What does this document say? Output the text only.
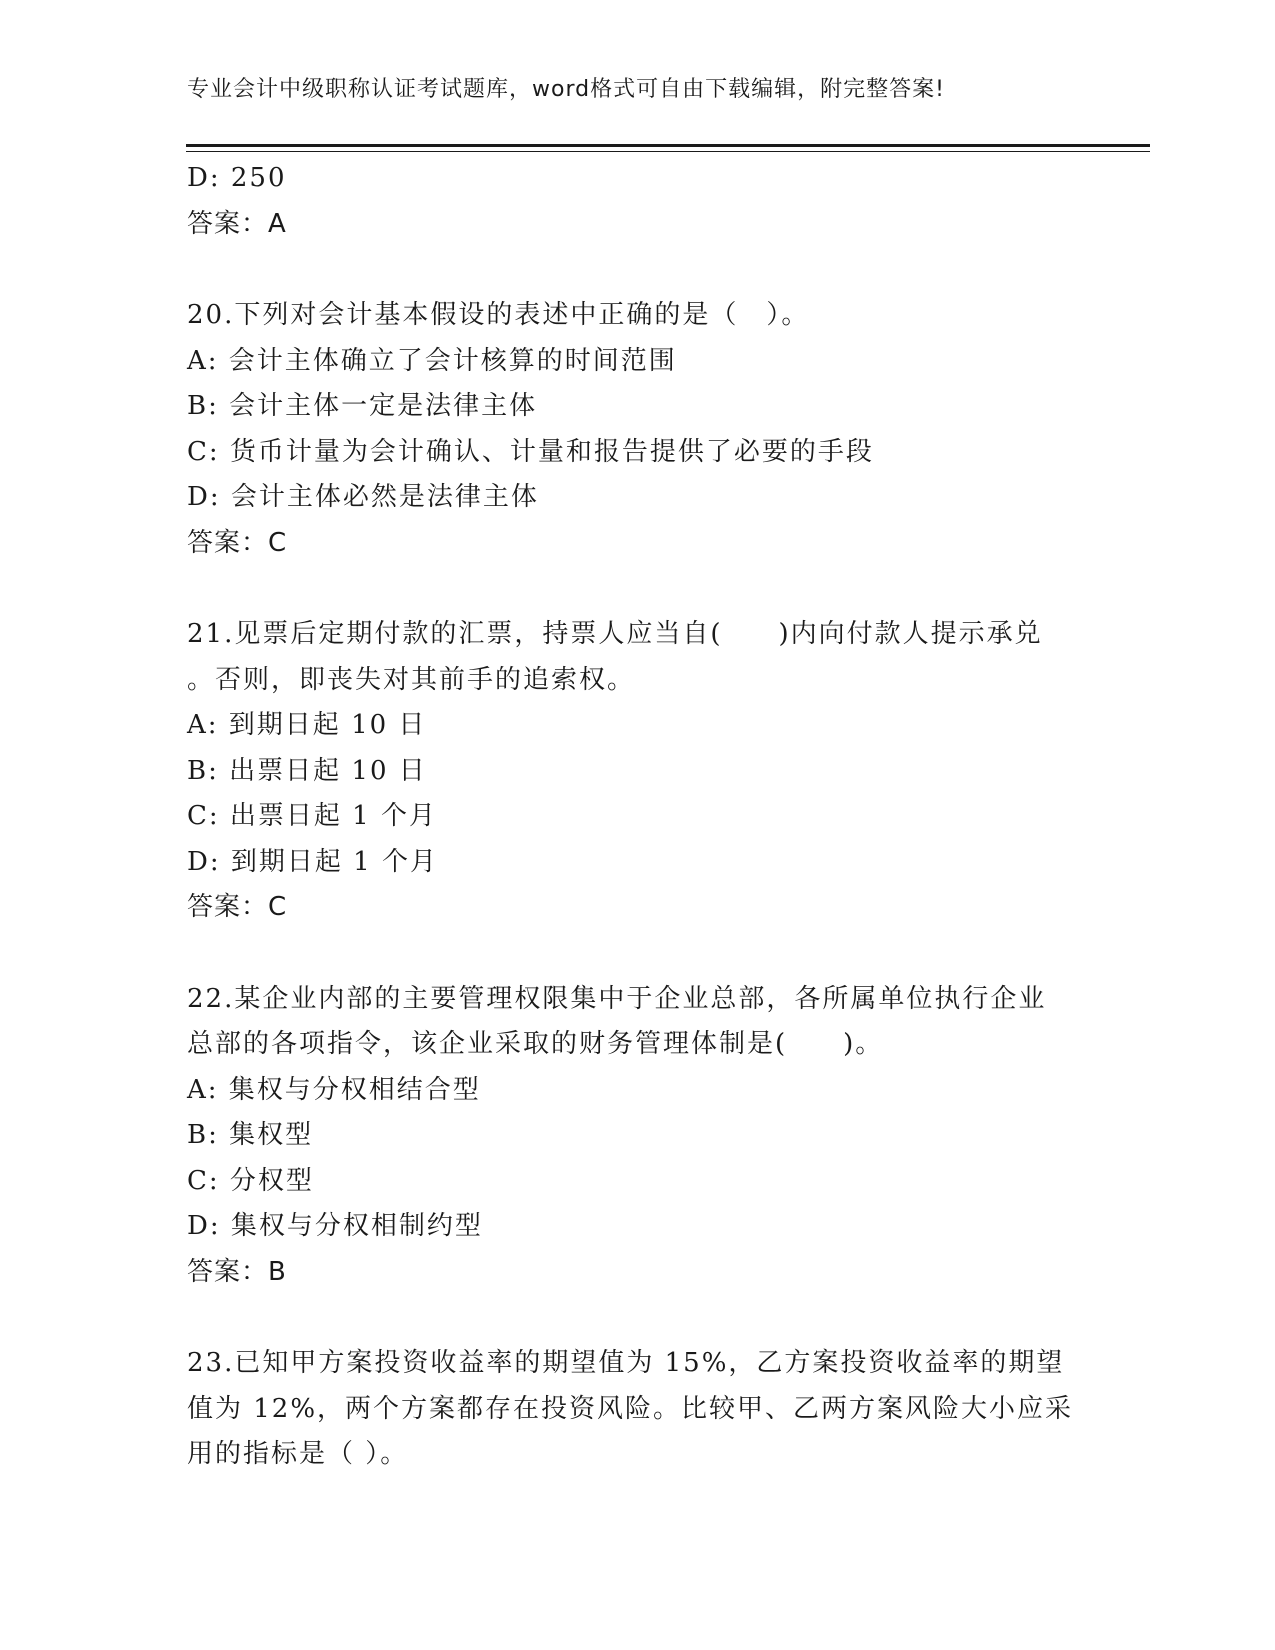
专业会计中级职称认证考试题库，word格式可自由下载编辑，附完整答案!
D: 250
答案：A
20.下列对会计基本假设的表述中正确的是（　）。
A: 会计主体确立了会计核算的时间范围
B: 会计主体一定是法律主体
C: 货币计量为会计确认、计量和报告提供了必要的手段
D: 会计主体必然是法律主体
答案：C
21.见票后定期付款的汇票，持票人应当自(　　)内向付款人提示承兑
。否则，即丧失对其前手的追索权。
A: 到期日起 10 日
B: 出票日起 10 日
C: 出票日起 1 个月
D: 到期日起 1 个月
答案：C
22.某企业内部的主要管理权限集中于企业总部，各所属单位执行企业
总部的各项指令，该企业采取的财务管理体制是(　　)。
A: 集权与分权相结合型
B: 集权型
C: 分权型
D: 集权与分权相制约型
答案：B
23.已知甲方案投资收益率的期望值为 15%，乙方案投资收益率的期望
值为 12%，两个方案都存在投资风险。比较甲、乙两方案风险大小应采
用的指标是（ ）。
